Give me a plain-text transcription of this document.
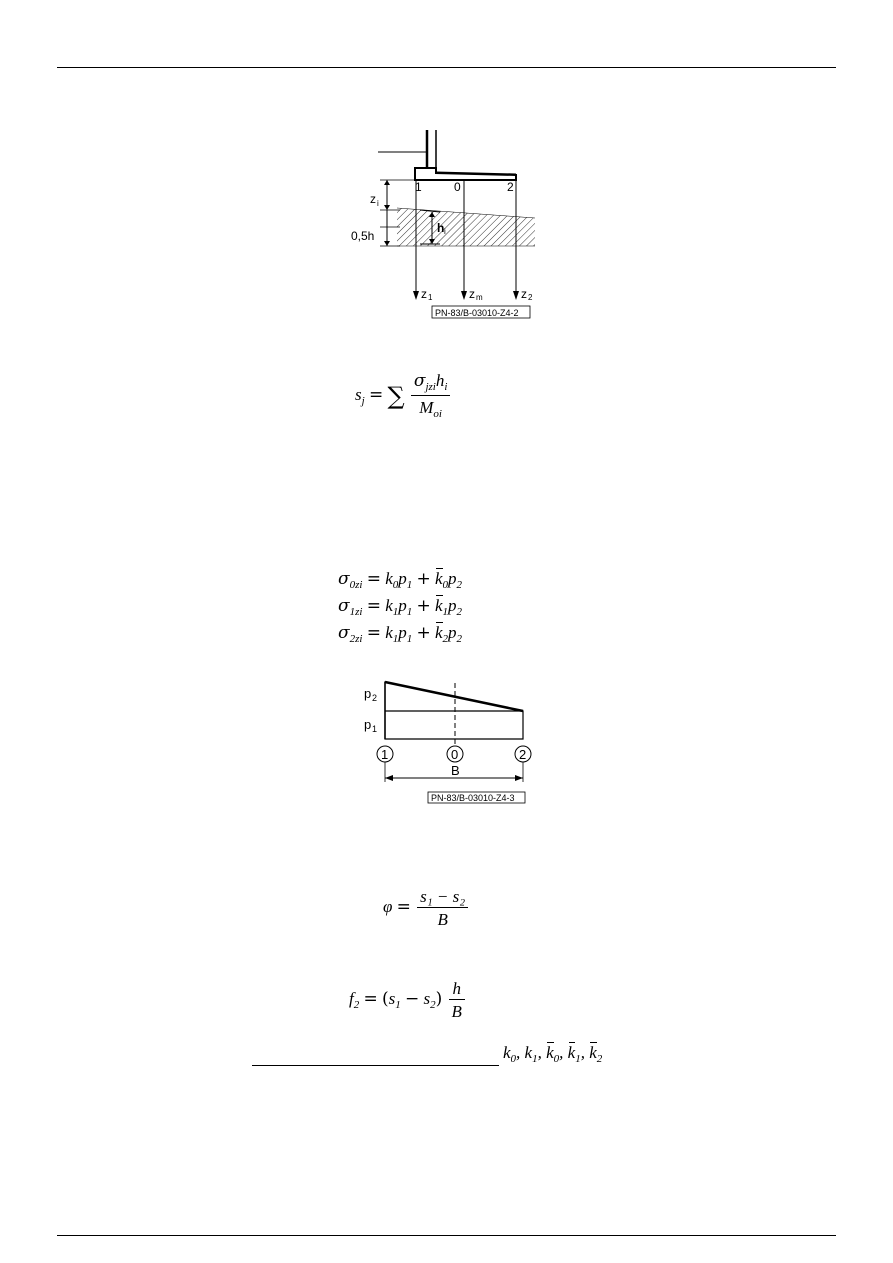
1	0	2
z i
0,5h
h i
z 1	z m	z 2
PN-83/B-03010-Z4-2
$s_j$ = ∑ $\frac{\sigma_{jzi}h_i}{M_{oi}}$
$\sigma_{0zi} = k_0p_1 + k_0p_2$
$\sigma_{1zi} = k_1p_1 + k_1p_2$
$\sigma_{2zi} = k_1p_1 + k_2p_2$
p 2
p 1
1	0	2
B
PN-83/B-03010-Z4-3
$\varphi = \frac{\text{s₁ − s₂}}{B}$
$f_2 = (s_1 - s_2) \frac{h}{B}$
$k_0$, $k_1$, $k_0$, $k_1$, $k_2$
